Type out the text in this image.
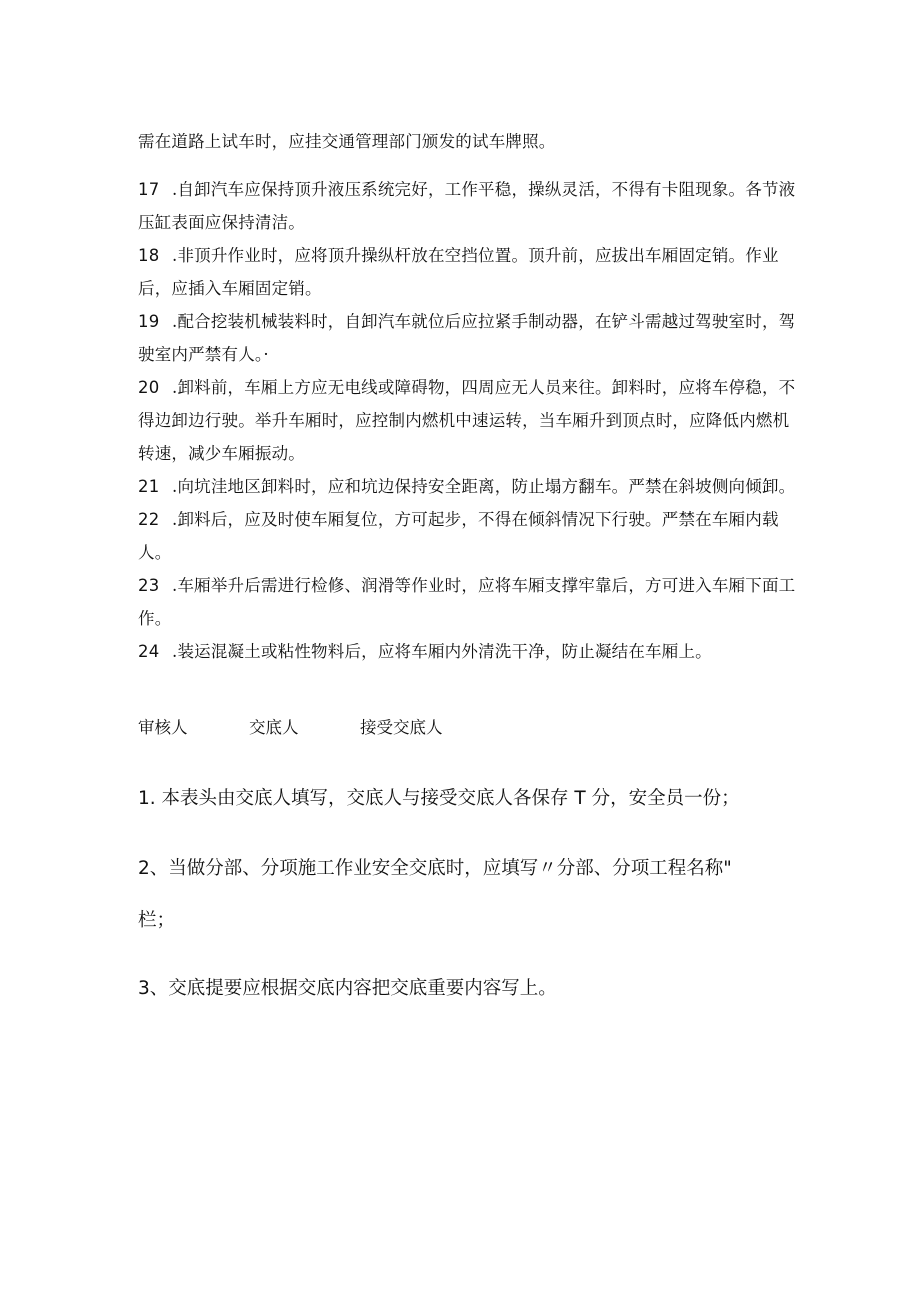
需在道路上试车时，应挂交通管理部门颁发的试车牌照。
17 .自卸汽车应保持顶升液压系统完好，工作平稳，操纵灵活，不得有卡阻现象。各节液压缸表面应保持清洁。
18 .非顶升作业时，应将顶升操纵杆放在空挡位置。顶升前，应拔出车厢固定销。作业后，应插入车厢固定销。
19 .配合挖装机械装料时，自卸汽车就位后应拉紧手制动器，在铲斗需越过驾驶室时，驾驶室内严禁有人。·
20 .卸料前，车厢上方应无电线或障碍物，四周应无人员来往。卸料时，应将车停稳，不得边卸边行驶。举升车厢时，应控制内燃机中速运转，当车厢升到顶点时，应降低内燃机转速，减少车厢振动。
21 .向坑洼地区卸料时，应和坑边保持安全距离，防止塌方翻车。严禁在斜坡侧向倾卸。
22 .卸料后，应及时使车厢复位，方可起步，不得在倾斜情况下行驶。严禁在车厢内载人。
23 .车厢举升后需进行检修、润滑等作业时，应将车厢支撑牢靠后，方可进入车厢下面工作。
24 .装运混凝土或粘性物料后，应将车厢内外清洗干净，防止凝结在车厢上。
审核人	交底人	接受交底人
1. 本表头由交底人填写，交底人与接受交底人各保存 T 分，安全员一份；
2、当做分部、分项施工作业安全交底时，应填写〃分部、分项工程名称"
栏；
3、交底提要应根据交底内容把交底重要内容写上。
